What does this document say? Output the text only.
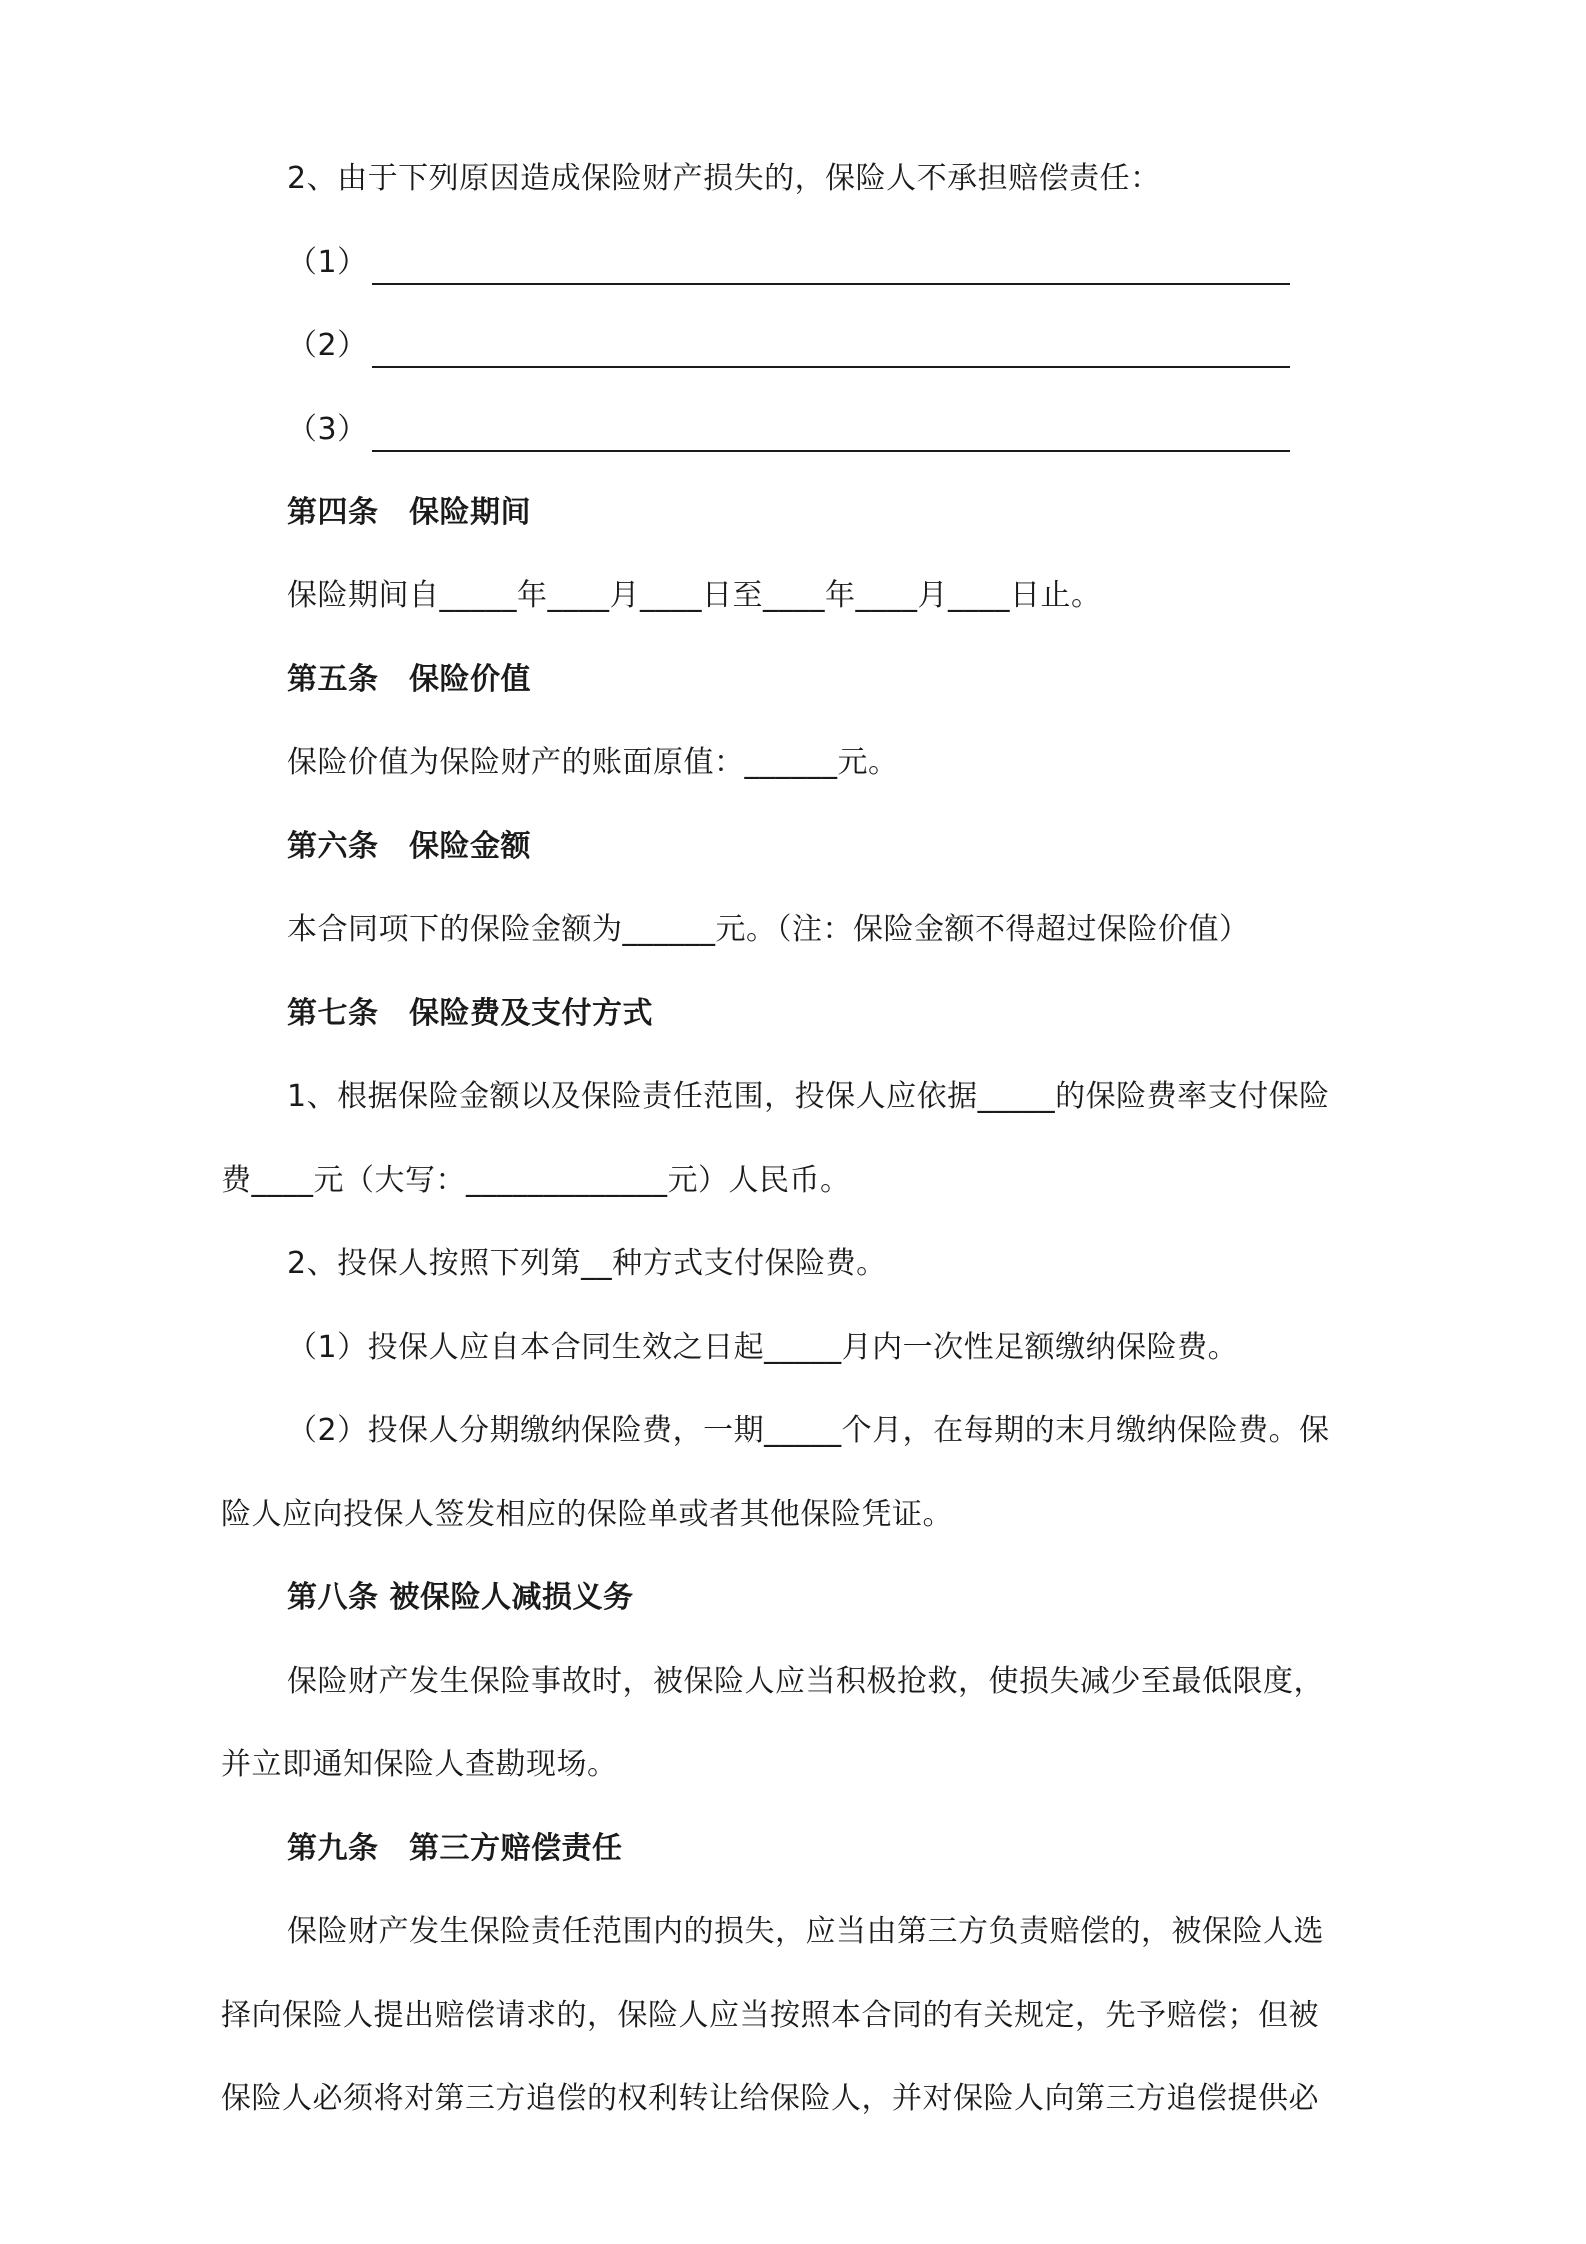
2、由于下列原因造成保险财产损失的，保险人不承担赔偿责任：
（1）
（2）
（3）
第四条　保险期间
保险期间自_____年____月____日至____年____月____日止。
第五条　保险价值
保险价值为保险财产的账面原值：______元。
第六条　保险金额
本合同项下的保险金额为______元。（注：保险金额不得超过保险价值）
第七条　保险费及支付方式
1、根据保险金额以及保险责任范围，投保人应依据_____的保险费率支付保险
费____元（大写：_____________元）人民币。
2、投保人按照下列第__种方式支付保险费。
（1）投保人应自本合同生效之日起_____月内一次性足额缴纳保险费。
（2）投保人分期缴纳保险费，一期_____个月，在每期的末月缴纳保险费。保
险人应向投保人签发相应的保险单或者其他保险凭证。
第八条 被保险人减损义务
保险财产发生保险事故时，被保险人应当积极抢救，使损失减少至最低限度，
并立即通知保险人查勘现场。
第九条　第三方赔偿责任
保险财产发生保险责任范围内的损失，应当由第三方负责赔偿的，被保险人选
择向保险人提出赔偿请求的，保险人应当按照本合同的有关规定，先予赔偿；但被
保险人必须将对第三方追偿的权利转让给保险人，并对保险人向第三方追偿提供必
